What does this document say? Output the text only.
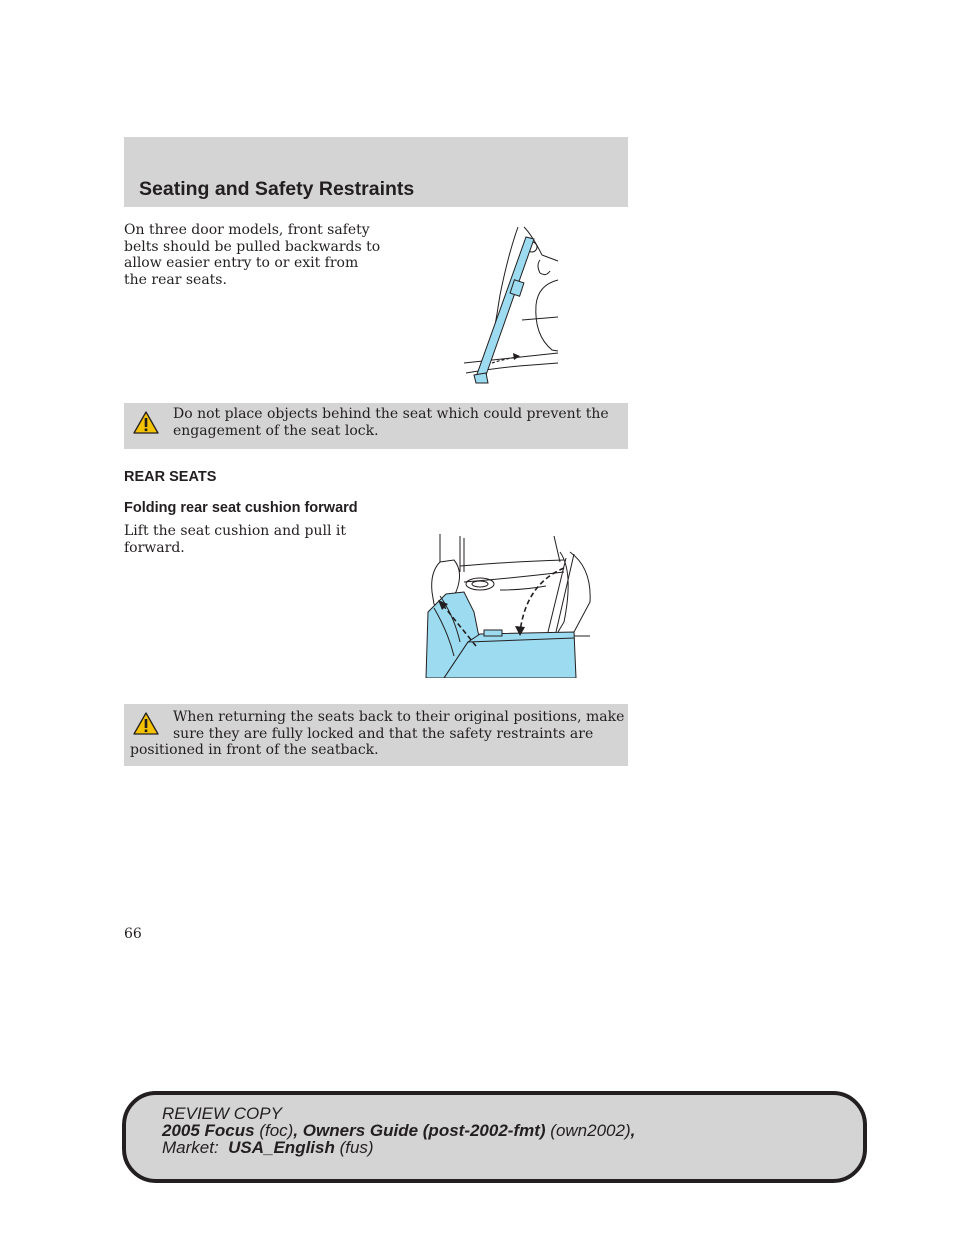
Seating and Safety Restraints

On three door models, front safety
belts should be pulled backwards to
allow easier entry to or exit from
the rear seats.

Do not place objects behind the seat which could prevent the
engagement of the seat lock.

REAR SEATS
Folding rear seat cushion forward

Lift the seat cushion and pull it
forward.

When returning the seats back to their original positions, make
sure they are fully locked and that the safety restraints are
positioned in front of the seatback.

66

REVIEW COPY
2005 Focus (foc), Owners Guide (post-2002-fmt) (own2002),
Market:  USA_English (fus)
